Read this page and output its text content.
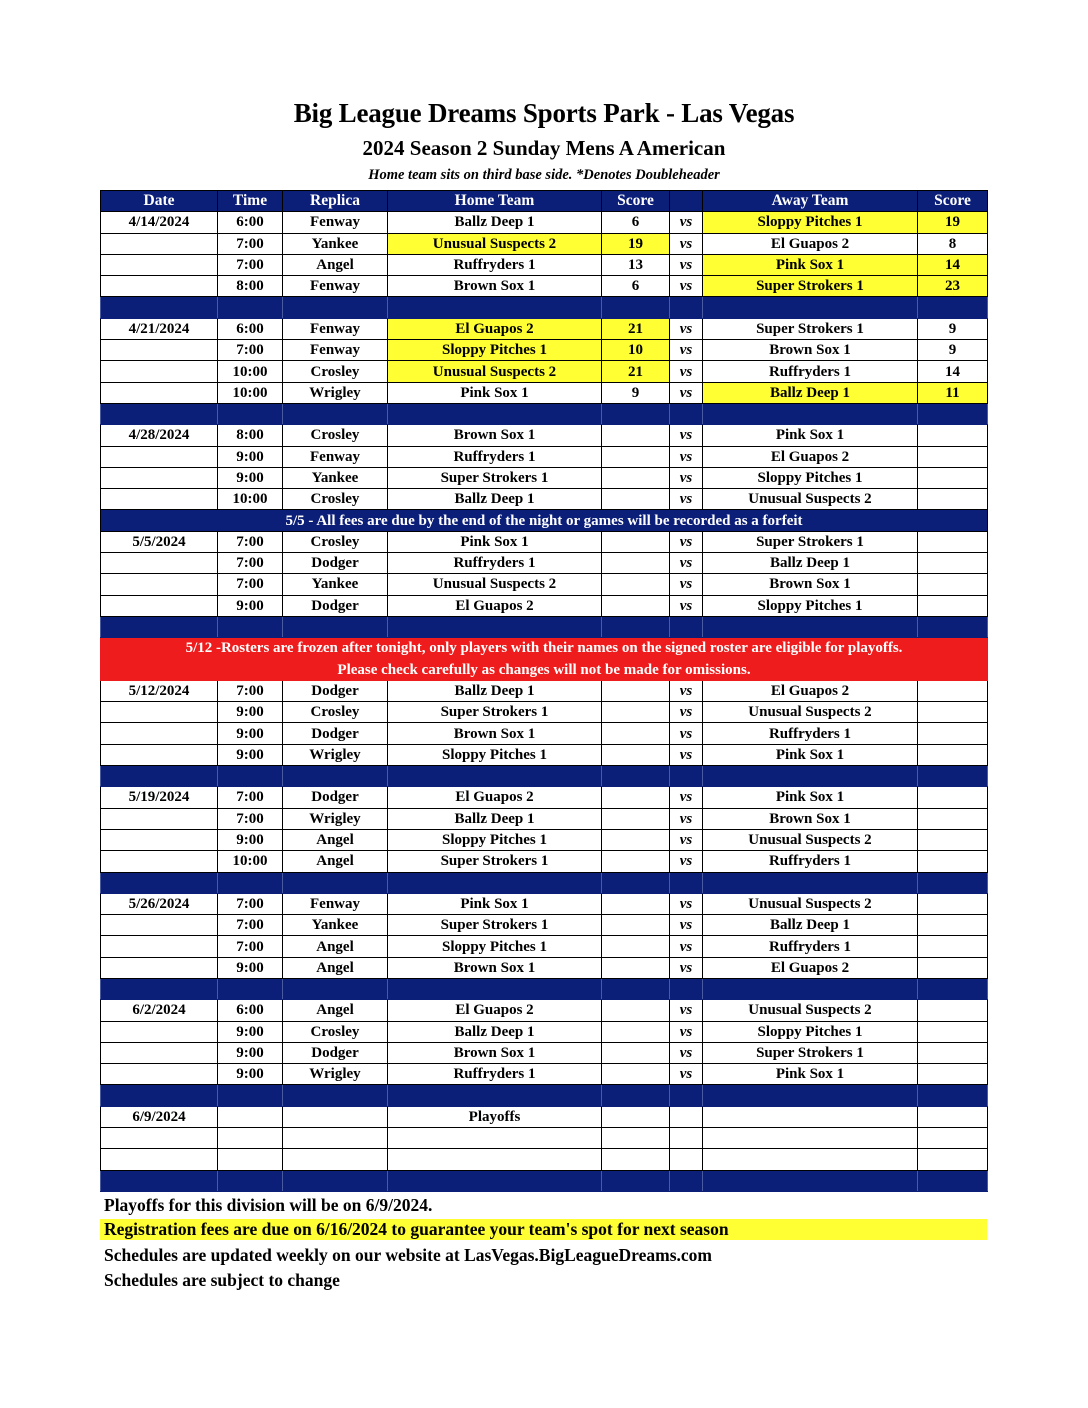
Big League Dreams Sports Park - Las Vegas
2024 Season 2 Sunday Mens A American
Home team sits on third base side. *Denotes Doubleheader
Date	Time	Replica	Home Team	Score		Away Team	Score
4/14/2024	6:00	Fenway	Ballz Deep 1	6	vs	Sloppy Pitches 1	19
	7:00	Yankee	Unusual Suspects 2	19	vs	El Guapos 2	8
	7:00	Angel	Ruffryders 1	13	vs	Pink Sox 1	14
	8:00	Fenway	Brown Sox 1	6	vs	Super Strokers 1	23

4/21/2024	6:00	Fenway	El Guapos 2	21	vs	Super Strokers 1	9
	7:00	Fenway	Sloppy Pitches 1	10	vs	Brown Sox 1	9
	10:00	Crosley	Unusual Suspects 2	21	vs	Ruffryders 1	14
	10:00	Wrigley	Pink Sox 1	9	vs	Ballz Deep 1	11

4/28/2024	8:00	Crosley	Brown Sox 1		vs	Pink Sox 1	
	9:00	Fenway	Ruffryders 1		vs	El Guapos 2	
	9:00	Yankee	Super Strokers 1		vs	Sloppy Pitches 1	
	10:00	Crosley	Ballz Deep 1		vs	Unusual Suspects 2	
5/5 - All fees are due by the end of the night or games will be recorded as a forfeit							
5/5/2024	7:00	Crosley	Pink Sox 1		vs	Super Strokers 1	
	7:00	Dodger	Ruffryders 1		vs	Ballz Deep 1	
	7:00	Yankee	Unusual Suspects 2		vs	Brown Sox 1	
	9:00	Dodger	El Guapos 2		vs	Sloppy Pitches 1	

5/12 -Rosters are frozen after tonight, only players with their names on the signed roster are eligible for playoffs.							
Please check carefully as changes will not be made for omissions.							
5/12/2024	7:00	Dodger	Ballz Deep 1		vs	El Guapos 2	
	9:00	Crosley	Super Strokers 1		vs	Unusual Suspects 2	
	9:00	Dodger	Brown Sox 1		vs	Ruffryders 1	
	9:00	Wrigley	Sloppy Pitches 1		vs	Pink Sox 1	

5/19/2024	7:00	Dodger	El Guapos 2		vs	Pink Sox 1	
	7:00	Wrigley	Ballz Deep 1		vs	Brown Sox 1	
	9:00	Angel	Sloppy Pitches 1		vs	Unusual Suspects 2	
	10:00	Angel	Super Strokers 1		vs	Ruffryders 1	

5/26/2024	7:00	Fenway	Pink Sox 1		vs	Unusual Suspects 2	
	7:00	Yankee	Super Strokers 1		vs	Ballz Deep 1	
	7:00	Angel	Sloppy Pitches 1		vs	Ruffryders 1	
	9:00	Angel	Brown Sox 1		vs	El Guapos 2	

6/2/2024	6:00	Angel	El Guapos 2		vs	Unusual Suspects 2	
	9:00	Crosley	Ballz Deep 1		vs	Sloppy Pitches 1	
	9:00	Dodger	Brown Sox 1		vs	Super Strokers 1	
	9:00	Wrigley	Ruffryders 1		vs	Pink Sox 1	

6/9/2024			Playoffs				

Playoffs for this division will be on 6/9/2024.
Registration fees are due on 6/16/2024 to guarantee your team's spot for next season
Schedules are updated weekly on our website at LasVegas.BigLeagueDreams.com
Schedules are subject to change
